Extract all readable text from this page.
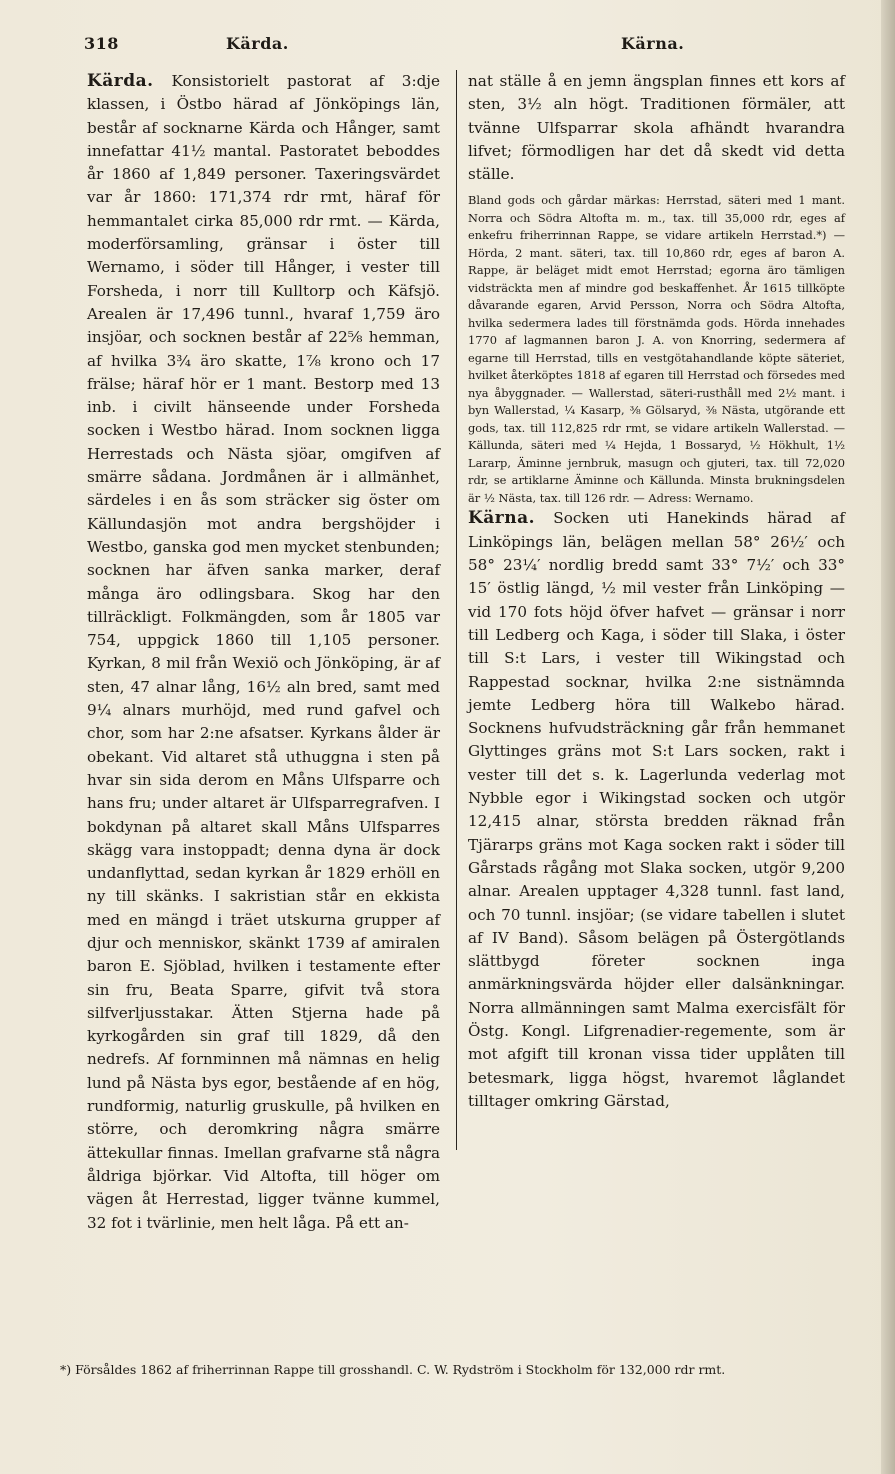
318	Kärda.	Kärna.

Kärda. Konsistorielt pastorat af 3:dje klassen, i Östbo härad af Jönköpings län, består af socknarne Kärda och Hånger, samt innefattar 41½ mantal. Pastoratet beboddes år 1860 af 1,849 personer. Taxeringsvärdet var år 1860: 171,374 rdr rmt, häraf för hemmantalet cirka 85,000 rdr rmt. — Kärda, moderförsamling, gränsar i öster till Wernamo, i söder till Hånger, i vester till Forsheda, i norr till Kulltorp och Käfsjö. Arealen är 17,496 tunnl., hvaraf 1,759 äro insjöar, och socknen består af 22⅝ hemman, af hvilka 3¾ äro skatte, 1⅞ krono och 17 frälse; häraf hör er 1 mant. Bestorp med 13 inb. i civilt hänseende under Forsheda socken i Westbo härad. Inom socknen ligga Herrestads och Nästa sjöar, omgifven af smärre sådana. Jordmånen är i allmänhet, särdeles i en ås som sträcker sig öster om Källundasjön mot andra bergshöjder i Westbo, ganska god men mycket stenbunden; socknen har äfven sanka marker, deraf många äro odlingsbara. Skog har den tillräckligt. Folkmängden, som år 1805 var 754, uppgick 1860 till 1,105 personer. Kyrkan, 8 mil från Wexiö och Jönköping, är af sten, 47 alnar lång, 16½ aln bred, samt med 9¼ alnars murhöjd, med rund gafvel och chor, som har 2:ne afsatser. Kyrkans ålder är obekant. Vid altaret stå uthuggna i sten på hvar sin sida derom en Måns Ulfsparre och hans fru; under altaret är Ulfsparregrafven. I bokdynan på altaret skall Måns Ulfsparres skägg vara instoppadt; denna dyna är dock undanflyttad, sedan kyrkan år 1829 erhöll en ny till skänks. I sakristian står en ekkista med en mängd i träet utskurna grupper af djur och menniskor, skänkt 1739 af amiralen baron E. Sjöblad, hvilken i testamente efter sin fru, Beata Sparre, gifvit två stora silfverljusstakar. Ätten Stjerna hade på kyrkogården sin graf till 1829, då den nedrefs. Af fornminnen må nämnas en helig lund på Nästa bys egor, bestående af en hög, rundformig, naturlig gruskulle, på hvilken en större, och deromkring några smärre ättekullar finnas. Imellan grafvarne stå några åldriga björkar. Vid Altofta, till höger om vägen åt Herrestad, ligger tvänne kummel, 32 fot i tvärlinie, men helt låga. På ett an-

nat ställe å en jemn ängsplan finnes ett kors af sten, 3½ aln högt. Traditionen förmäler, att tvänne Ulfsparrar skola afhändt hvarandra lifvet; förmodligen har det då skedt vid detta ställe.

Bland gods och gårdar märkas: Herrstad, säteri med 1 mant. Norra och Södra Altofta m. m., tax. till 35,000 rdr, eges af enkefru friherrinnan Rappe, se vidare artikeln Herrstad.*) — Hörda, 2 mant. säteri, tax. till 10,860 rdr, eges af baron A. Rappe, är beläget midt emot Herrstad; egorna äro tämligen vidsträckta men af mindre god beskaffenhet. År 1615 tillköpte dåvarande egaren, Arvid Persson, Norra och Södra Altofta, hvilka sedermera lades till förstnämda gods. Hörda innehades 1770 af lagmannen baron J. A. von Knorring, sedermera af egarne till Herrstad, tills en vestgötahandlande köpte säteriet, hvilket återköptes 1818 af egaren till Herrstad och försedes med nya åbyggnader. — Wallerstad, säteri-rusthåll med 2½ mant. i byn Wallerstad, ¼ Kasarp, ⅜ Gölsaryd, ⅜ Nästa, utgörande ett gods, tax. till 112,825 rdr rmt, se vidare artikeln Wallerstad. — Källunda, säteri med ¼ Hejda, 1 Bossaryd, ½ Hökhult, 1½ Lararp, Äminne jernbruk, masugn och gjuteri, tax. till 72,020 rdr, se artiklarne Äminne och Källunda. Minsta brukningsdelen är ½ Nästa, tax. till 126 rdr. — Adress: Wernamo.

Kärna. Socken uti Hanekinds härad af Linköpings län, belägen mellan 58° 26½′ och 58° 23¼′ nordlig bredd samt 33° 7½′ och 33° 15′ östlig längd, ½ mil vester från Linköping — vid 170 fots höjd öfver hafvet — gränsar i norr till Ledberg och Kaga, i söder till Slaka, i öster till S:t Lars, i vester till Wikingstad och Rappestad socknar, hvilka 2:ne sistnämnda jemte Ledberg höra till Walkebo härad. Socknens hufvudsträckning går från hemmanet Glyttinges gräns mot S:t Lars socken, rakt i vester till det s. k. Lagerlunda vederlag mot Nybble egor i Wikingstad socken och utgör 12,415 alnar, största bredden räknad från Tjärarps gräns mot Kaga socken rakt i söder till Gårstads rågång mot Slaka socken, utgör 9,200 alnar. Arealen upptager 4,328 tunnl. fast land, och 70 tunnl. insjöar; (se vidare tabellen i slutet af IV Band). Såsom belägen på Östergötlands slättbygd företer socknen inga anmärkningsvärda höjder eller dalsänkningar. Norra allmänningen samt Malma exercisfält för Östg. Kongl. Lifgrenadier-regemente, som är mot afgift till kronan vissa tider upplåten till betesmark, ligga högst, hvaremot låglandet tilltager omkring Gärstad,

*) Försåldes 1862 af friherrinnan Rappe till grosshandl. C. W. Rydström i Stockholm för 132,000 rdr rmt.
